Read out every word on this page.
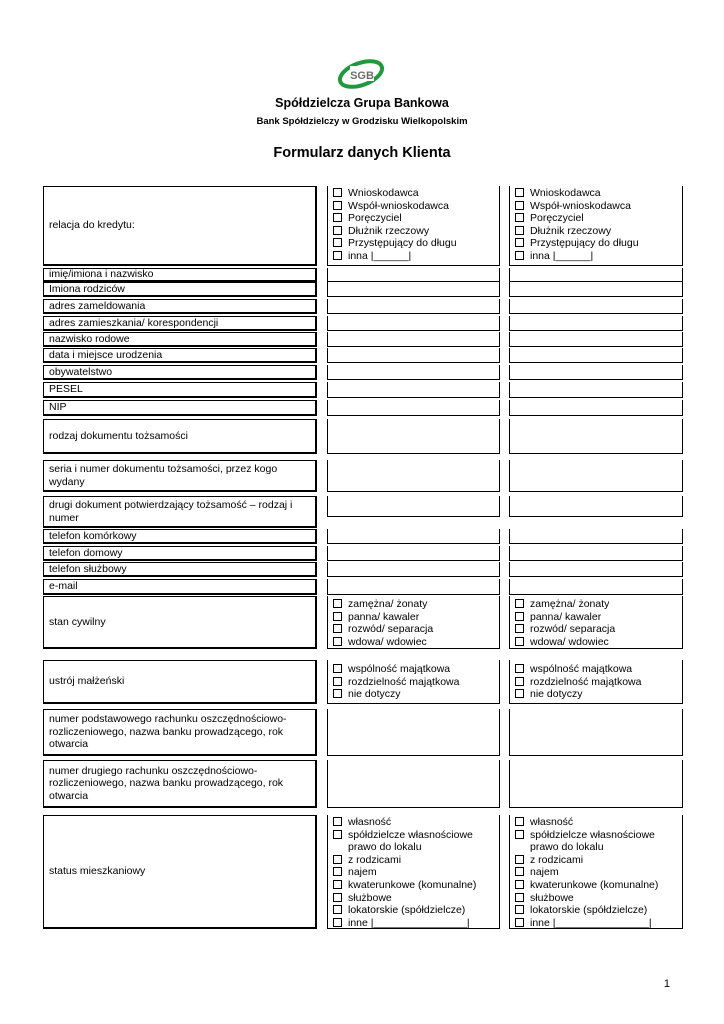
SGB
Spółdzielcza Grupa Bankowa
Bank Spółdzielczy w Grodzisku Wielkopolskim
Formularz danych Klienta
relacja do kredytu:
Wnioskodawca
Współ-wnioskodawca
Poręczyciel
Dłużnik rzeczowy
Przystępujący do długu
inna |______|
Wnioskodawca
Współ-wnioskodawca
Poręczyciel
Dłużnik rzeczowy
Przystępujący do długu
inna |______|
imię/imiona i nazwisko
Imiona rodziców
adres zameldowania
adres zamieszkania/ korespondencji
nazwisko rodowe
data i miejsce urodzenia
obywatelstwo
PESEL
NIP
rodzaj dokumentu tożsamości
seria i numer dokumentu tożsamości, przez kogo wydany
drugi dokument potwierdzający tożsamość – rodzaj i numer
telefon komórkowy
telefon domowy
telefon służbowy
e-mail
stan cywilny
zamężna/ żonaty
panna/ kawaler
rozwód/ separacja
wdowa/ wdowiec
zamężna/ żonaty
panna/ kawaler
rozwód/ separacja
wdowa/ wdowiec
ustrój małżeński
wspólność majątkowa
rozdzielność majątkowa
nie dotyczy
wspólność majątkowa
rozdzielność majątkowa
nie dotyczy
numer podstawowego rachunku oszczędnościowo-rozliczeniowego, nazwa banku prowadzącego, rok otwarcia
numer drugiego rachunku oszczędnościowo-rozliczeniowego, nazwa banku prowadzącego, rok otwarcia
status mieszkaniowy
własność
spółdzielcze własnościowe
prawo do lokalu
z rodzicami
najem
kwaterunkowe (komunalne)
służbowe
lokatorskie (spółdzielcze)
inne |________________|
własność
spółdzielcze własnościowe
prawo do lokalu
z rodzicami
najem
kwaterunkowe (komunalne)
służbowe
lokatorskie (spółdzielcze)
inne |________________|
1
